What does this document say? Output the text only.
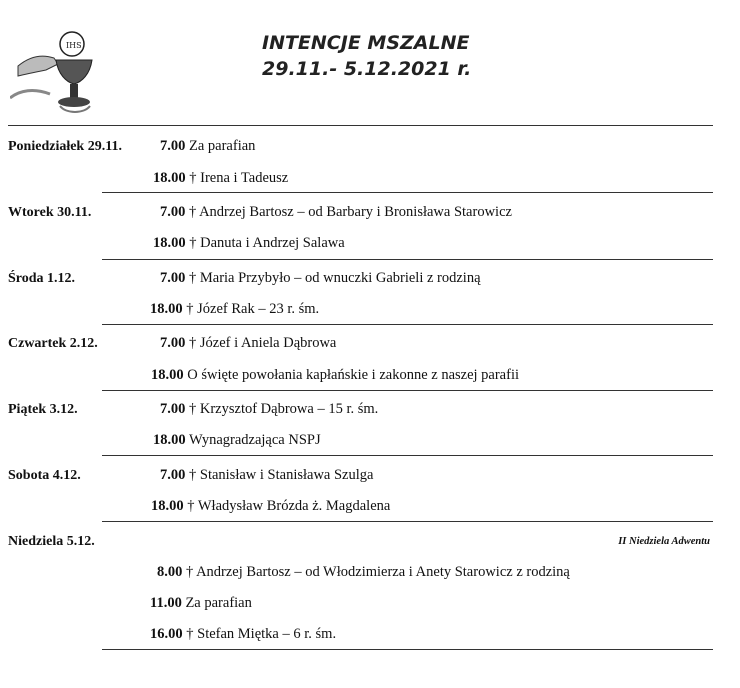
IHS	INTENCJE MSZALNE
29.11.- 5.12.2021 r.
Poniedziałek 29.11.	7.00 Za parafian
18.00 † Irena i Tadeusz
Wtorek 30.11.	7.00 † Andrzej Bartosz – od Barbary i Bronisława Starowicz
18.00 † Danuta i Andrzej Salawa
Środa 1.12.	7.00 † Maria Przybyło – od wnuczki Gabrieli z rodziną
18.00 † Józef Rak – 23 r. śm.
Czwartek 2.12.	7.00 † Józef i Aniela Dąbrowa
18.00 O święte powołania kapłańskie i zakonne z naszej parafii
Piątek 3.12.	7.00 † Krzysztof Dąbrowa – 15 r. śm.
18.00 Wynagradzająca NSPJ
Sobota 4.12.	7.00 † Stanisław i Stanisława Szulga
18.00 † Władysław Brózda ż. Magdalena
Niedziela 5.12.	II Niedziela Adwentu
8.00 † Andrzej Bartosz – od Włodzimierza i Anety Starowicz z rodziną
11.00 Za parafian
16.00 † Stefan Miętka – 6 r. śm.
